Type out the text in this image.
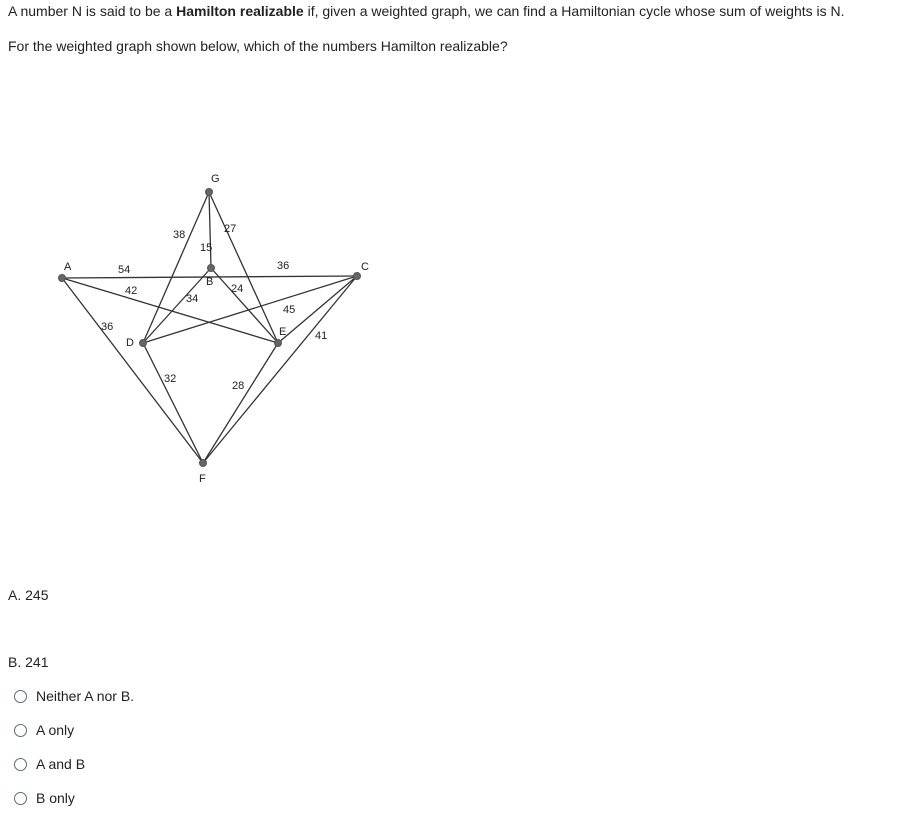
A number N is said to be a Hamilton realizable if, given a weighted graph, we can find a Hamiltonian cycle whose sum of weights is N.
For the weighted graph shown below, which of the numbers Hamilton realizable?
A
B
C
D
E
F
G
54
42
36
36
45
41
38	27
15
34
24
32
28
A. 245
B. 241
Neither A nor B.
A only
A and B
B only
